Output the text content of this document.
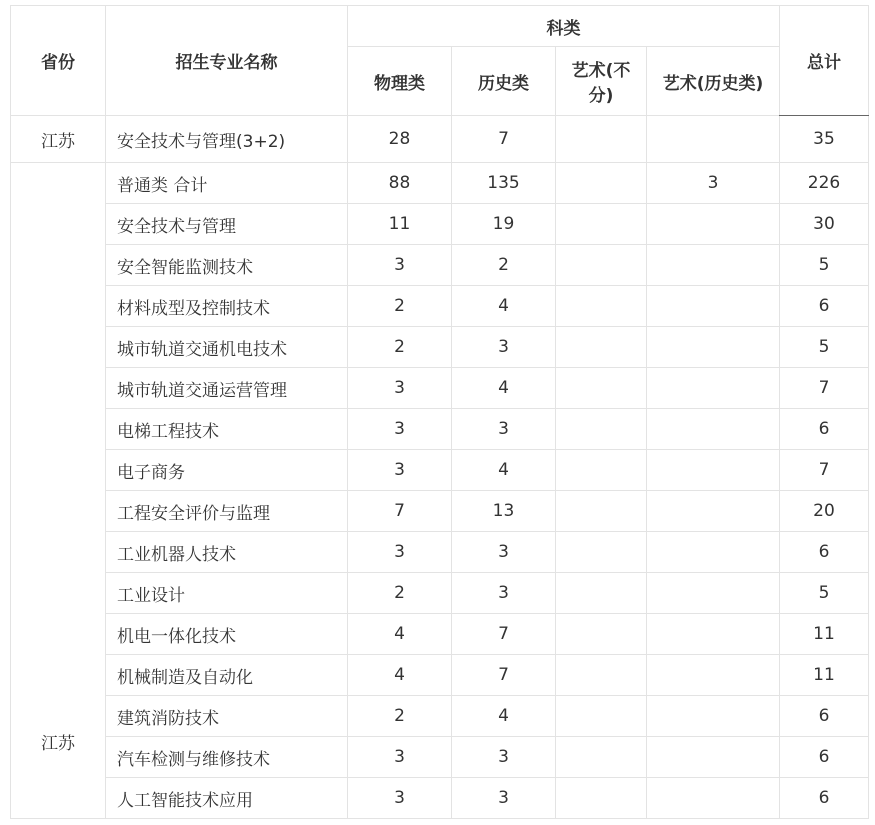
省份	招生专业名称	科类				总计
		物理类	历史类	艺术(不分)	艺术(历史类)	
江苏	安全技术与管理(3+2)	28	7			35
江苏	普通类 合计	88	135		3	226
	安全技术与管理	11	19			30
	安全智能监测技术	3	2			5
	材料成型及控制技术	2	4			6
	城市轨道交通机电技术	2	3			5
	城市轨道交通运营管理	3	4			7
	电梯工程技术	3	3			6
	电子商务	3	4			7
	工程安全评价与监理	7	13			20
	工业机器人技术	3	3			6
	工业设计	2	3			5
	机电一体化技术	4	7			11
	机械制造及自动化	4	7			11
	建筑消防技术	2	4			6
	汽车检测与维修技术	3	3			6
	人工智能技术应用	3	3			6
